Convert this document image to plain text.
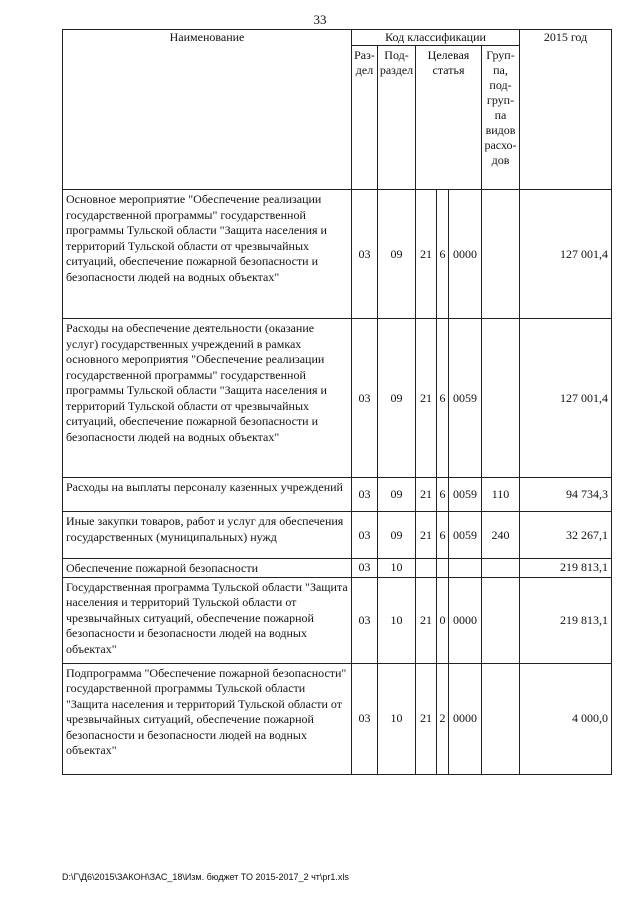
33
Наименование	Код классификации						2015 год
	Раз-дел	Под-раздел	Целевая статья			Груп-па, под-груп-па видов расхо-дов	
Основное мероприятие "Обеспечение реализации государственной программы" государственной программы Тульской области "Защита населения и территорий Тульской области от чрезвычайных ситуаций, обеспечение пожарной безопасности и безопасности людей на водных объектах"	03	09	21	6	0000		127 001,4
Расходы на обеспечение деятельности (оказание услуг) государственных учреждений в рамках основного мероприятия "Обеспечение реализации государственной программы" государственной программы Тульской области "Защита населения и территорий Тульской области от чрезвычайных ситуаций, обеспечение пожарной безопасности и безопасности людей на водных объектах"	03	09	21	6	0059		127 001,4
Расходы на выплаты персоналу казенных учреждений	03	09	21	6	0059	110	94 734,3
Иные закупки товаров, работ и услуг для обеспечения государственных (муниципальных) нужд	03	09	21	6	0059	240	32 267,1
Обеспечение пожарной безопасности	03	10					219 813,1
Государственная программа Тульской области "Защита населения и территорий Тульской области от чрезвычайных ситуаций, обеспечение пожарной безопасности и безопасности людей на водных объектах"	03	10	21	0	0000		219 813,1
Подпрограмма "Обеспечение пожарной безопасности" государственной программы Тульской области "Защита населения и территорий Тульской области от чрезвычайных ситуаций, обеспечение пожарной безопасности и безопасности людей на водных объектах"	03	10	21	2	0000		4 000,0
D:\Г\Д6\2015\ЗАКОН\ЗАС_18\Изм. бюджет ТО 2015-2017_2 чт\pr1.xls
